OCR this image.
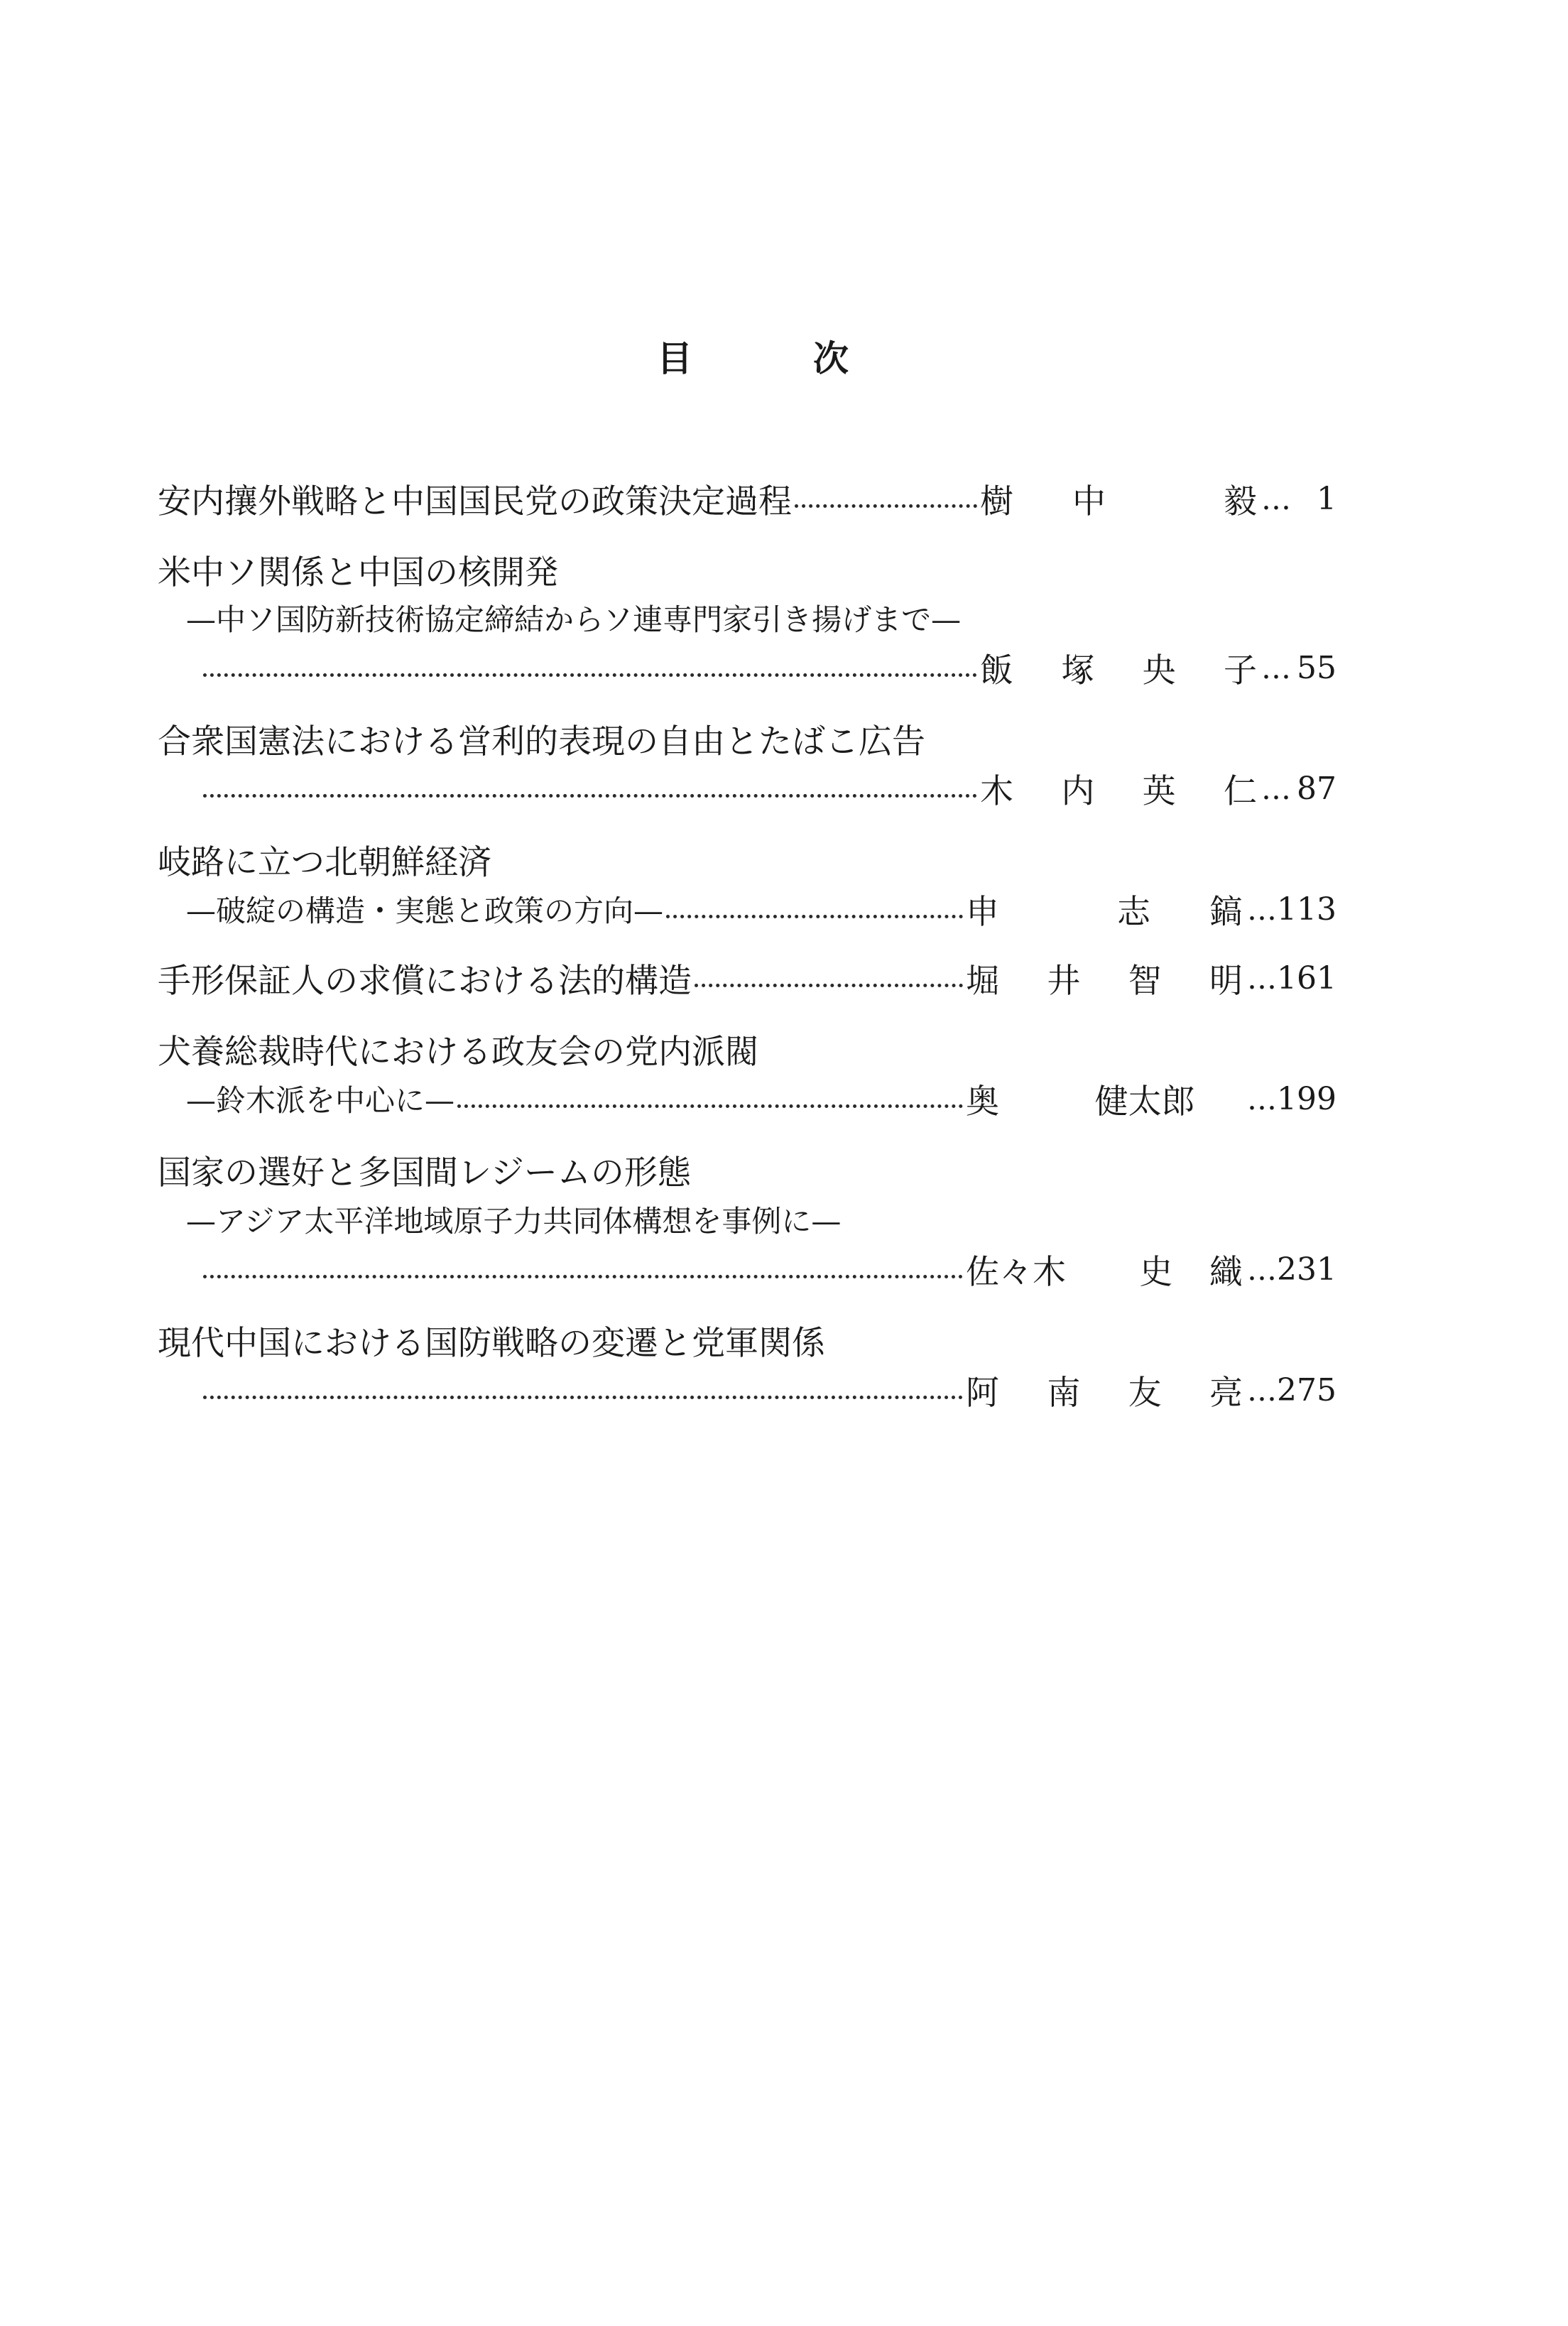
目	次
安内攘外戦略と中国国民党の政策決定過程	樹 中	毅 … 1
米中ソ関係と中国の核開発
—中ソ国防新技術協定締結からソ連専門家引き揚げまで—
飯 塚 央 子 … 55
合衆国憲法における営利的表現の自由とたばこ広告
木 内 英 仁 … 87
岐路に立つ北朝鮮経済
—破綻の構造・実態と政策の方向—	申	志 鎬 … 113
手形保証人の求償における法的構造	堀 井 智 明 … 161
犬養総裁時代における政友会の党内派閥
—鈴木派を中心に—	奥	健太郎 … 199
国家の選好と多国間レジームの形態
—アジア太平洋地域原子力共同体構想を事例に—
佐々木 史 織 … 231
現代中国における国防戦略の変遷と党軍関係
阿 南 友 亮 … 275
